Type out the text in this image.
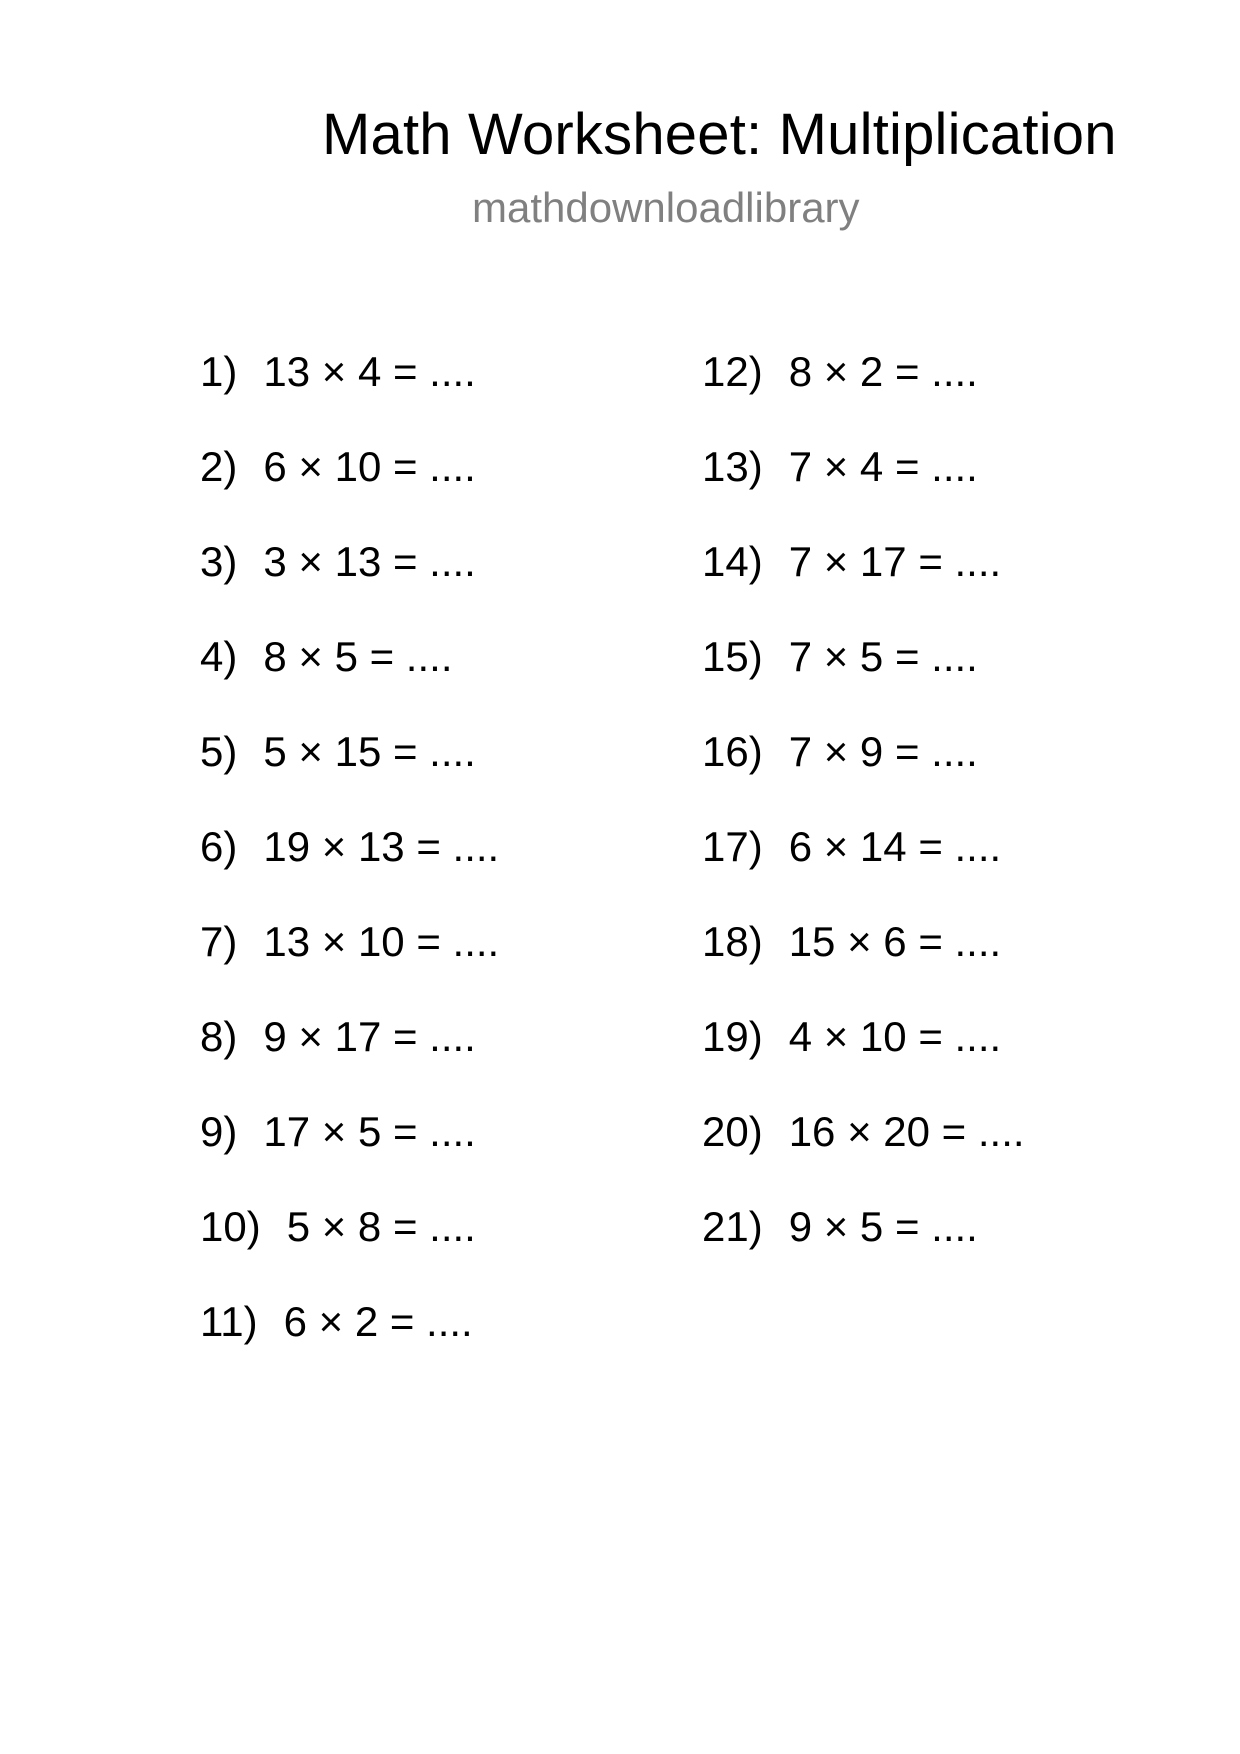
Math Worksheet: Multiplication
mathdownloadlibrary
1) 13 × 4 = ....
2) 6 × 10 = ....
3) 3 × 13 = ....
4) 8 × 5 = ....
5) 5 × 15 = ....
6) 19 × 13 = ....
7) 13 × 10 = ....
8) 9 × 17 = ....
9) 17 × 5 = ....
10) 5 × 8 = ....
11) 6 × 2 = ....
12) 8 × 2 = ....
13) 7 × 4 = ....
14) 7 × 17 = ....
15) 7 × 5 = ....
16) 7 × 9 = ....
17) 6 × 14 = ....
18) 15 × 6 = ....
19) 4 × 10 = ....
20) 16 × 20 = ....
21) 9 × 5 = ....
